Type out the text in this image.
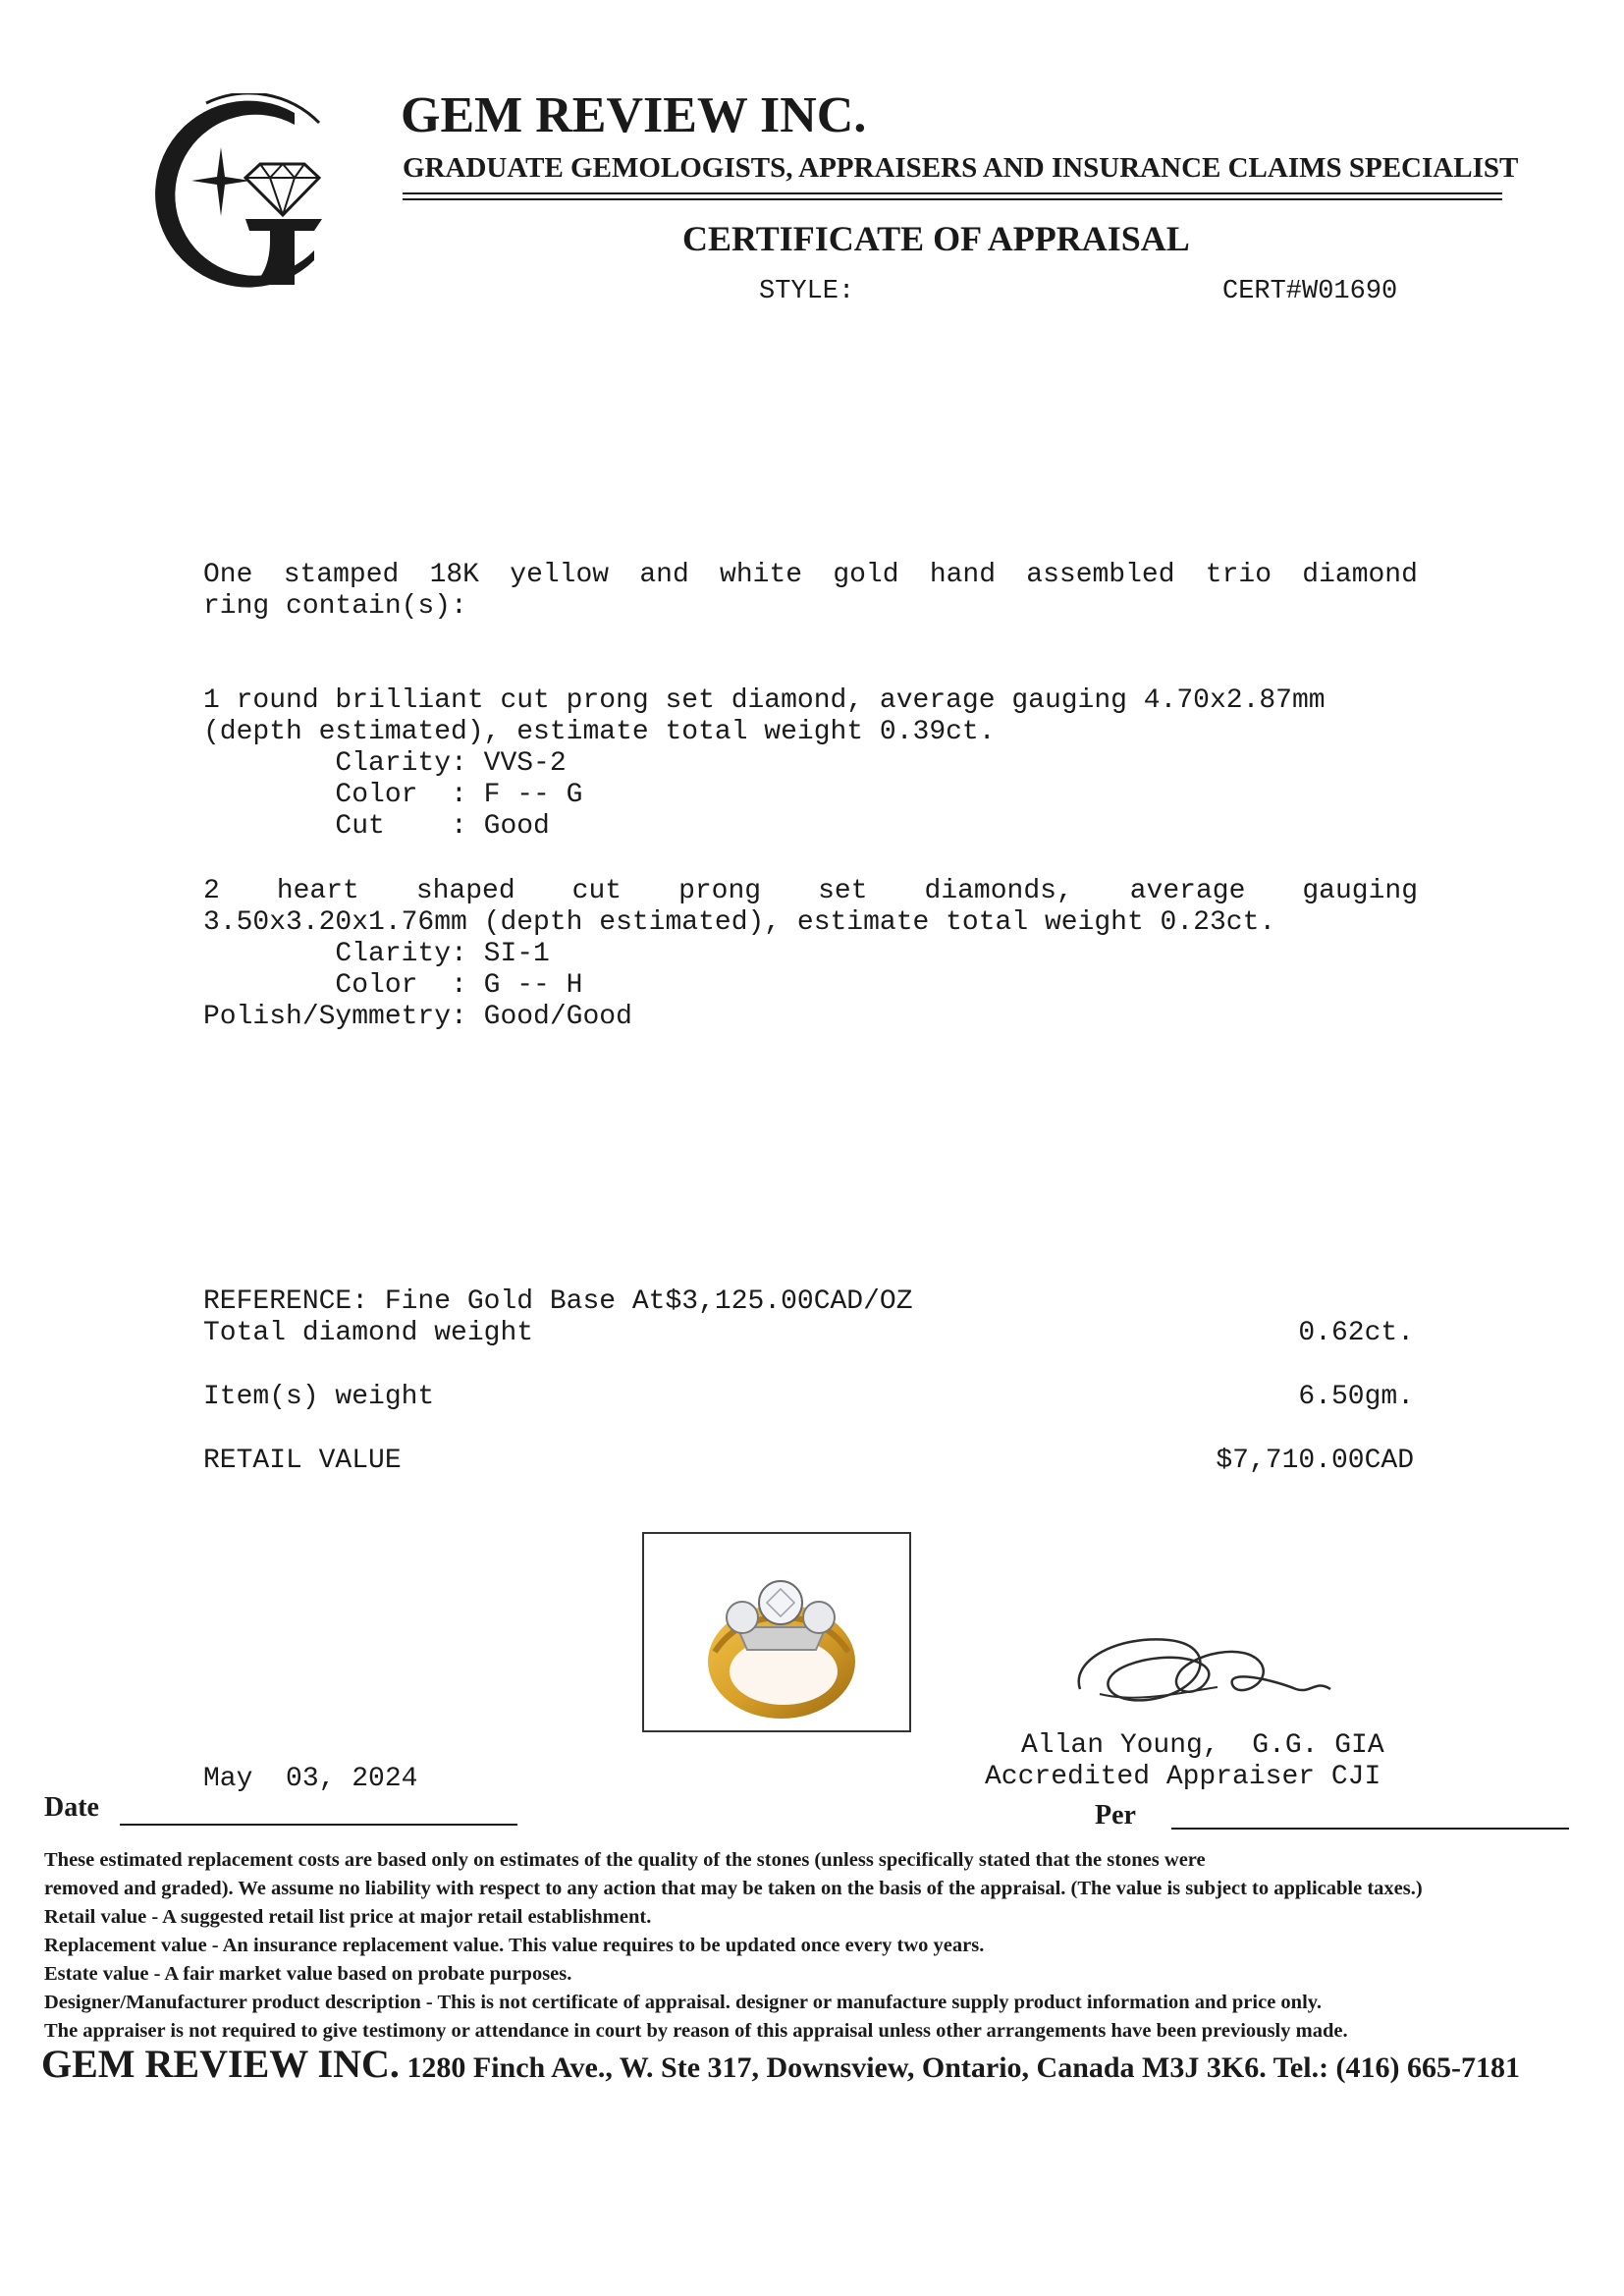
GEM REVIEW INC.
GRADUATE GEMOLOGISTS, APPRAISERS AND INSURANCE CLAIMS SPECIALIST
CERTIFICATE OF APPRAISAL
STYLE:	CERT#W01690
One stamped 18K yellow and white gold hand assembled trio diamond
ring contain(s):
1 round brilliant cut prong set diamond, average gauging 4.70x2.87mm
(depth estimated), estimate total weight 0.39ct.
Clarity: VVS-2
Color  : F -- G
Cut    : Good
2 heart shaped cut prong set diamonds, average gauging
3.50x3.20x1.76mm (depth estimated), estimate total weight 0.23ct.
Clarity: SI-1
Color  : G -- H
Polish/Symmetry: Good/Good
REFERENCE: Fine Gold Base At$3,125.00CAD/OZ
Total diamond weight	0.62ct.
Item(s) weight	6.50gm.
RETAIL VALUE	$7,710.00CAD
Allan Young,  G.G. GIA
Accredited Appraiser CJI
May  03, 2024
Date	Per
These estimated replacement costs are based only on estimates of the quality of the stones (unless specifically stated that the stones were
removed and graded). We assume no liability with respect to any action that may be taken on the basis of the appraisal. (The value is subject to applicable taxes.)
Retail value - A suggested retail list price at major retail establishment.
Replacement value - An insurance replacement value. This value requires to be updated once every two years.
Estate value - A fair market value based on probate purposes.
Designer/Manufacturer product description - This is not certificate of appraisal. designer or manufacture supply product information and price only.
The appraiser is not required to give testimony or attendance in court by reason of this appraisal unless other arrangements have been previously made.
GEM REVIEW INC. 1280 Finch Ave., W. Ste 317, Downsview, Ontario, Canada M3J 3K6. Tel.: (416) 665-7181
